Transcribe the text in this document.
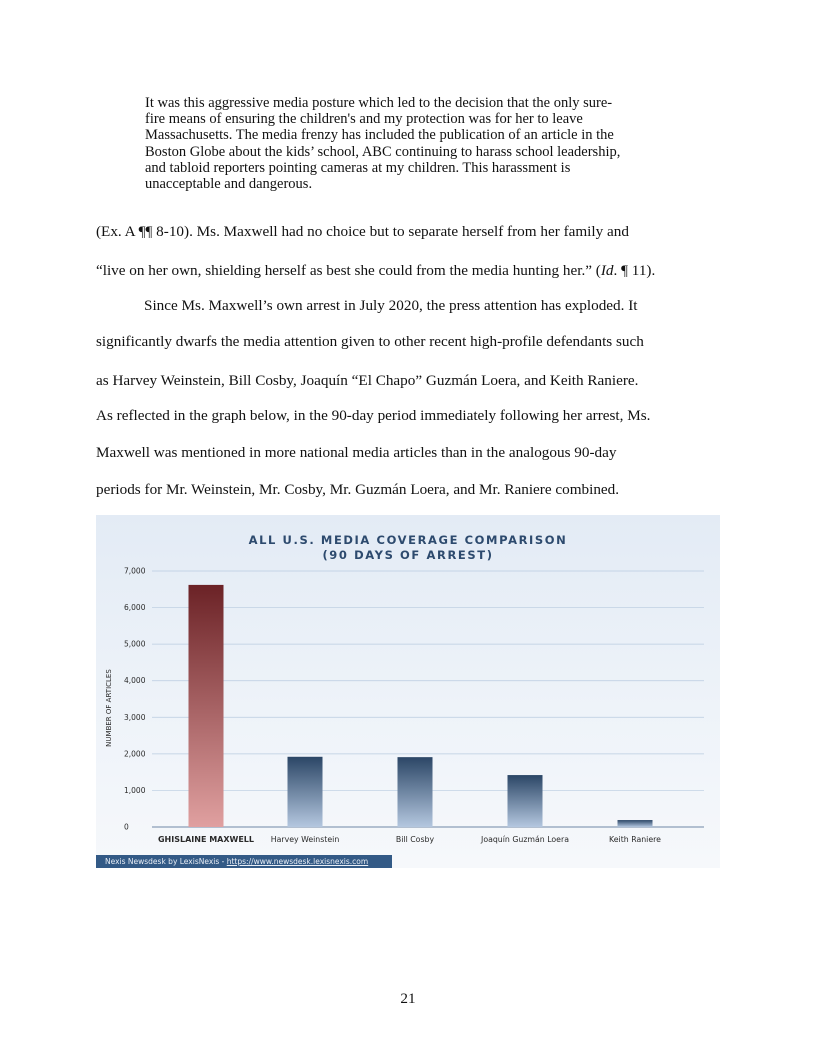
It was this aggressive media posture which led to the decision that the only sure-
fire means of ensuring the children's and my protection was for her to leave
Massachusetts. The media frenzy has included the publication of an article in the
Boston Globe about the kids’ school, ABC continuing to harass school leadership,
and tabloid reporters pointing cameras at my children. This harassment is
unacceptable and dangerous.
(Ex. A ¶¶ 8-10). Ms. Maxwell had no choice but to separate herself from her family and
“live on her own, shielding herself as best she could from the media hunting her.” (Id. ¶ 11).
Since Ms. Maxwell’s own arrest in July 2020, the press attention has exploded. It
significantly dwarfs the media attention given to other recent high-profile defendants such
as Harvey Weinstein, Bill Cosby, Joaquín “El Chapo” Guzmán Loera, and Keith Raniere.
As reflected in the graph below, in the 90-day period immediately following her arrest, Ms.
Maxwell was mentioned in more national media articles than in the analogous 90-day
periods for Mr. Weinstein, Mr. Cosby, Mr. Guzmán Loera, and Mr. Raniere combined.
ALL U.S. MEDIA COVERAGE COMPARISON
(90 DAYS OF ARREST)
NUMBER OF ARTICLES
0
1,000
2,000
3,000
4,000
5,000
6,000
7,000
GHISLAINE MAXWELL Harvey Weinstein	Bill Cosby	Joaquín Guzmán Loera	Keith Raniere
Nexis Newsdesk by LexisNexis - https://www.newsdesk.lexisnexis.com
21
